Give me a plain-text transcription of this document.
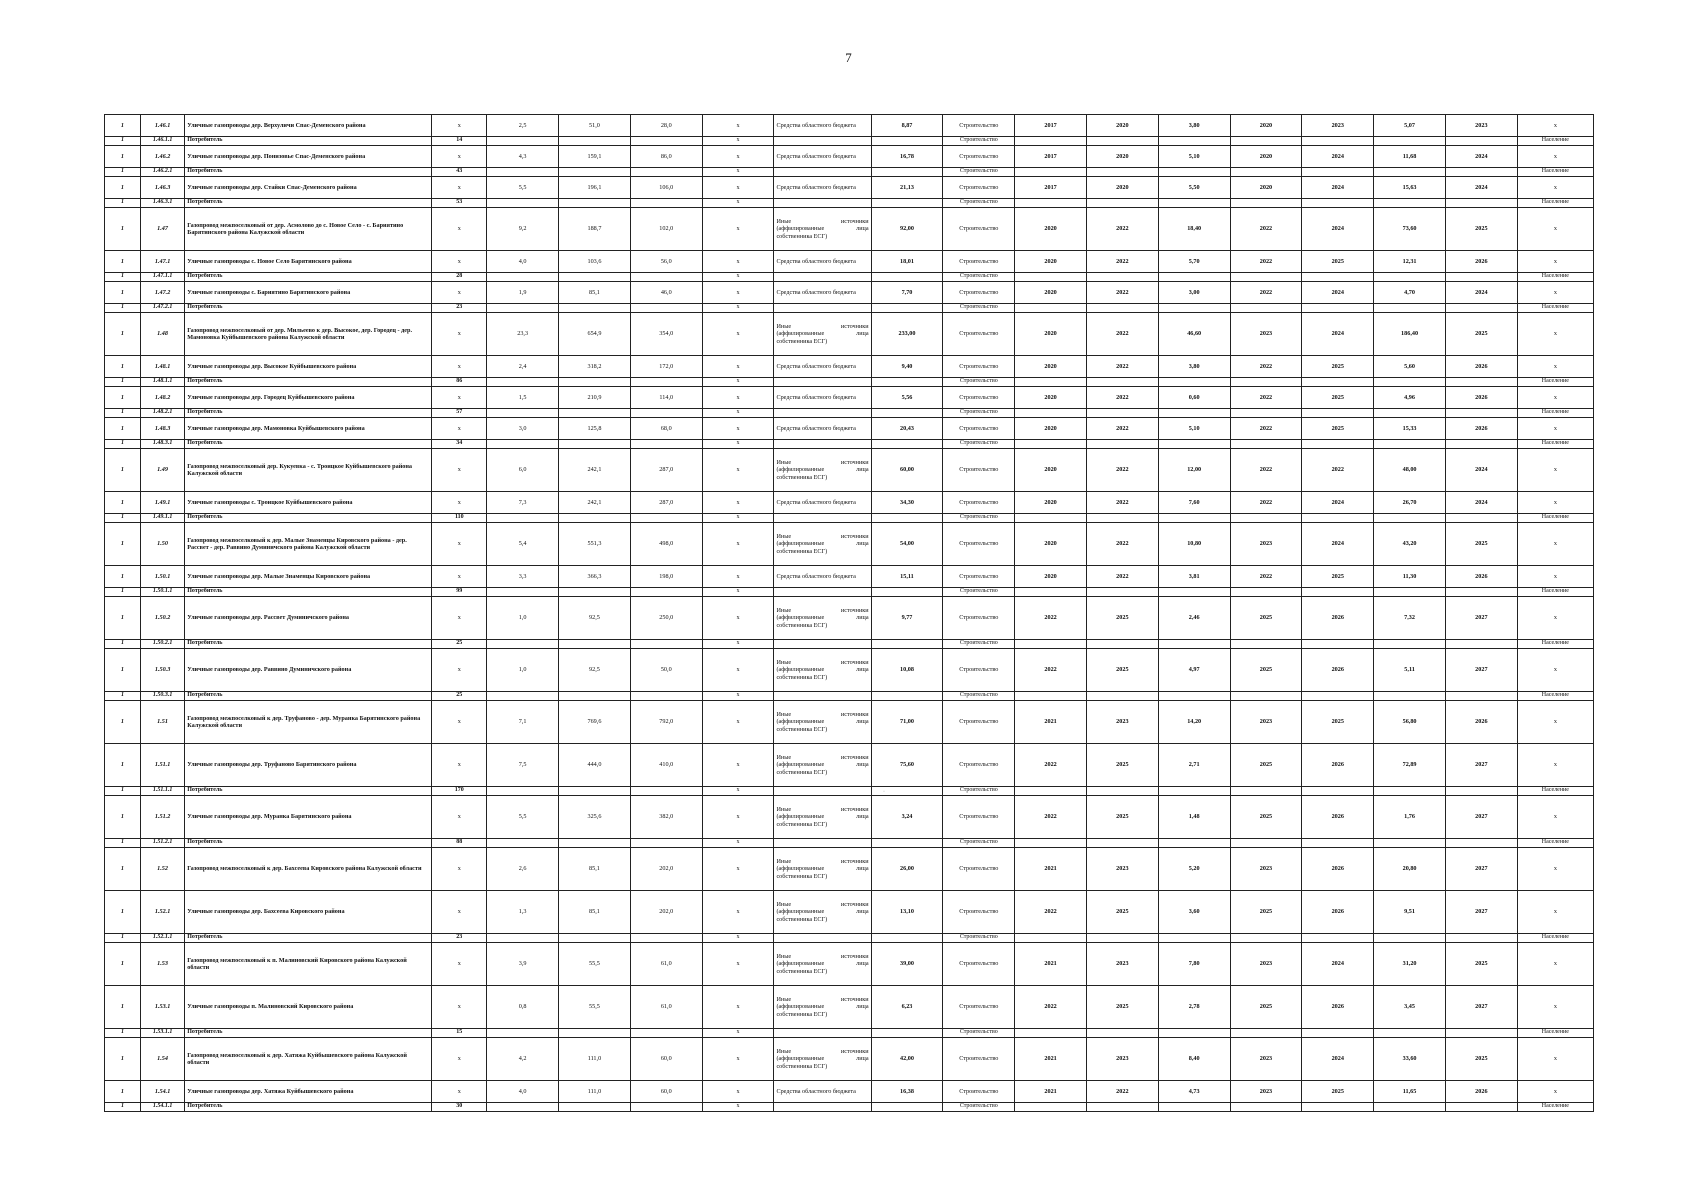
7
1	1.46.1	Уличные газопроводы дер. Верхуличи Спас-Деменского района	x	2,5	51,0	28,0	x	Средства областного бюджета	8,87	Строительство	2017	2020	3,80	2020	2023	5,07	2023	x
1	1.46.1.1	Потребитель	14				x			Строительство								Население
1	1.46.2	Уличные газопроводы дер. Понизовье Спас-Деменского района	x	4,3	159,1	86,0	x	Средства областного бюджета	16,78	Строительство	2017	2020	5,10	2020	2024	11,68	2024	x
1	1.46.2.1	Потребитель	43				x			Строительство								Население
1	1.46.3	Уличные газопроводы дер. Стайки Спас-Деменского района	x	5,5	196,1	106,0	x	Средства областного бюджета	21,13	Строительство	2017	2020	5,50	2020	2024	15,63	2024	x
1	1.46.3.1	Потребитель	53				x			Строительство								Население
1	1.47	Газопровод межпоселковый от дер. Асмолово до с. Новое Село - с. Бариятино Барятинского района Калужской области	x	9,2	188,7	102,0	x	Иные источники (аффилированные лица собственника ЕСГ)	92,00	Строительство	2020	2022	18,40	2022	2024	73,60	2025	x
1	1.47.1	Уличные газопроводы с. Новое Село Барятинского района	x	4,0	103,6	56,0	x	Средства областного бюджета	18,01	Строительство	2020	2022	5,70	2022	2025	12,31	2026	x
1	1.47.1.1	Потребитель	28				x			Строительство								Население
1	1.47.2	Уличные газопроводы с. Бариятино Барятинского района	x	1,9	85,1	46,0	x	Средства областного бюджета	7,70	Строительство	2020	2022	3,00	2022	2024	4,70	2024	x
1	1.47.2.1	Потребитель	23				x			Строительство								Население
1	1.48	Газопровод межпоселковый от дер. Мильеево к дер. Высокое, дер. Городец - дер. Мамоновка Куйбышевского района Калужской области	x	23,3	654,9	354,0	x	Иные источники (аффилированные лица собственника ЕСГ)	233,00	Строительство	2020	2022	46,60	2023	2024	186,40	2025	x
1	1.48.1	Уличные газопроводы дер. Высокое Куйбышевского района	x	2,4	318,2	172,0	x	Средства областного бюджета	9,40	Строительство	2020	2022	3,80	2022	2025	5,60	2026	x
1	1.48.1.1	Потребитель	86				x			Строительство								Население
1	1.48.2	Уличные газопроводы дер. Городец Куйбышевского района	x	1,5	210,9	114,0	x	Средства областного бюджета	5,56	Строительство	2020	2022	0,60	2022	2025	4,96	2026	x
1	1.48.2.1	Потребитель	57				x			Строительство								Население
1	1.48.3	Уличные газопроводы дер. Мамоновка Куйбышевского района	x	3,0	125,8	68,0	x	Средства областного бюджета	20,43	Строительство	2020	2022	5,10	2022	2025	15,33	2026	x
1	1.48.3.1	Потребитель	34				x			Строительство								Население
1	1.49	Газопровод межпоселковый дер. Кукуевка - с. Троицкое Куйбышевского района Калужской области	x	6,0	242,1	287,0	x	Иные источники (аффилированные лица собственника ЕСГ)	60,00	Строительство	2020	2022	12,00	2022	2022	48,00	2024	x
1	1.49.1	Уличные газопроводы с. Троицкое Куйбышевского района	x	7,3	242,1	287,0	x	Средства областного бюджета	34,30	Строительство	2020	2022	7,60	2022	2024	26,70	2024	x
1	1.49.1.1	Потребитель	110				x			Строительство								Население
1	1.50	Газопровод межпоселковый к дер. Малые Знаменцы Кировского района - дер. Рассвет - дер. Раввино Думиничского района Калужской области	x	5,4	551,3	498,0	x	Иные источники (аффилированные лица собственника ЕСГ)	54,00	Строительство	2020	2022	10,80	2023	2024	43,20	2025	x
1	1.50.1	Уличные газопроводы дер. Малые Знаменцы Кировского района	x	3,3	366,3	198,0	x	Средства областного бюджета	15,11	Строительство	2020	2022	3,81	2022	2025	11,30	2026	x
1	1.50.1.1	Потребитель	99				x			Строительство								Население
1	1.50.2	Уличные газопроводы дер. Рассвет Думиничского района	x	1,0	92,5	250,0	x	Иные источники (аффилированные лица собственника ЕСГ)	9,77	Строительство	2022	2025	2,46	2025	2026	7,32	2027	x
1	1.50.2.1	Потребитель	25				x			Строительство								Население
1	1.50.3	Уличные газопроводы дер. Раввино Думиничского района	x	1,0	92,5	50,0	x	Иные источники (аффилированные лица собственника ЕСГ)	10,08	Строительство	2022	2025	4,97	2025	2026	5,11	2027	x
1	1.50.3.1	Потребитель	25				x			Строительство								Население
1	1.51	Газопровод межпоселковый к дер. Труфаново - дер. Муранка Барятинского района Калужской области	x	7,1	769,6	792,0	x	Иные источники (аффилированные лица собственника ЕСГ)	71,00	Строительство	2021	2023	14,20	2023	2025	56,80	2026	x
1	1.51.1	Уличные газопроводы дер. Труфаново Барятинского района	x	7,5	444,0	410,0	x	Иные источники (аффилированные лица собственника ЕСГ)	75,60	Строительство	2022	2025	2,71	2025	2026	72,89	2027	x
1	1.51.1.1	Потребитель	170				x			Строительство								Население
1	1.51.2	Уличные газопроводы дер. Муранка Барятинского района	x	5,5	325,6	382,0	x	Иные источники (аффилированные лица собственника ЕСГ)	3,24	Строительство	2022	2025	1,48	2025	2026	1,76	2027	x
1	1.51.2.1	Потребитель	88				x			Строительство								Население
1	1.52	Газопровод межпоселковый к дер. Бахсеева Кировского района Калужской области	x	2,6	85,1	202,0	x	Иные источники (аффилированные лица собственника ЕСГ)	26,00	Строительство	2021	2023	5,20	2023	2026	20,80	2027	x
1	1.52.1	Уличные газопроводы дер. Бахсеева Кировского района	x	1,3	85,1	202,0	x	Иные источники (аффилированные лица собственника ЕСГ)	13,10	Строительство	2022	2025	3,60	2025	2026	9,51	2027	x
1	1.52.1.1	Потребитель	23				x			Строительство								Население
1	1.53	Газопровод межпоселковый к п. Малиновский Кировского района Калужской области	x	3,9	55,5	61,0	x	Иные источники (аффилированные лица собственника ЕСГ)	39,00	Строительство	2021	2023	7,80	2023	2024	31,20	2025	x
1	1.53.1	Уличные газопроводы п. Малиновский Кировского района	x	0,8	55,5	61,0	x	Иные источники (аффилированные лица собственника ЕСГ)	6,23	Строительство	2022	2025	2,78	2025	2026	3,45	2027	x
1	1.53.1.1	Потребитель	15				x			Строительство								Население
1	1.54	Газопровод межпоселковый к дер. Хатяжа Куйбышевского района Калужской области	x	4,2	111,0	60,0	x	Иные источники (аффилированные лица собственника ЕСГ)	42,00	Строительство	2021	2023	8,40	2023	2024	33,60	2025	x
1	1.54.1	Уличные газопроводы дер. Хатяжа Куйбышевского района	x	4,0	111,0	60,0	x	Средства областного бюджета	16,38	Строительство	2021	2022	4,73	2023	2025	11,65	2026	x
1	1.54.1.1	Потребитель	30				x			Строительство								Население
·
